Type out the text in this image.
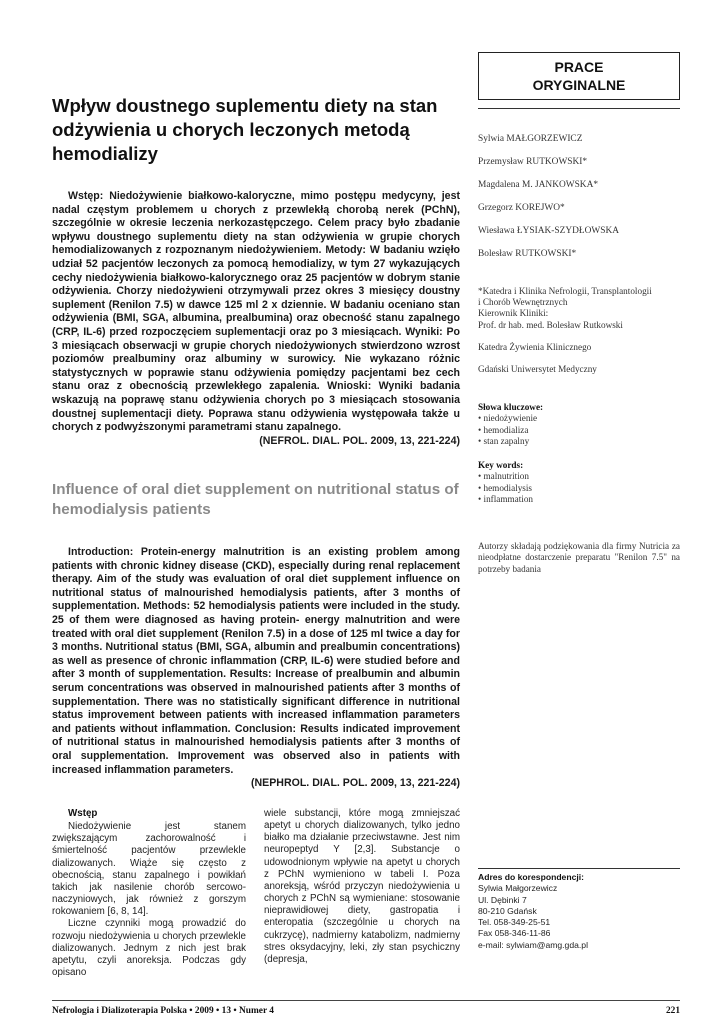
PRACE
ORYGINALNE
Wpływ doustnego suplementu diety na stan odżywienia u chorych leczonych metodą hemodializy

Wstęp: Niedożywienie białkowo-kaloryczne, mimo postępu medycyny, jest nadal częstym problemem u chorych z przewlekłą chorobą nerek (PChN), szczególnie w okresie leczenia nerkozastępczego. Celem pracy było zbadanie wpływu doustnego suplementu diety na stan odżywienia w grupie chorych hemodializowanych z rozpoznanym niedożywieniem. Metody: W badaniu wzięło udział 52 pacjentów leczonych za pomocą hemodializy, w tym 27 wykazujących cechy niedożywienia białkowo-kalorycznego oraz 25 pacjentów w dobrym stanie odżywienia. Chorzy niedożywieni otrzymywali przez okres 3 miesięcy doustny suplement (Renilon 7.5) w dawce 125 ml 2 x dziennie. W badaniu oceniano stan odżywienia (BMI, SGA, albumina, prealbumina) oraz obecność stanu zapalnego (CRP, IL-6) przed rozpoczęciem suplementacji oraz po 3 miesiącach. Wyniki: Po 3 miesiącach obserwacji w grupie chorych niedożywionych stwierdzono wzrost poziomów prealbuminy oraz albuminy w surowicy. Nie wykazano różnic statystycznych w poprawie stanu odżywienia pomiędzy pacjentami bez cech stanu oraz z obecnością przewlekłego zapalenia. Wnioski: Wyniki badania wskazują na poprawę stanu odżywienia chorych po 3 miesiącach stosowania doustnej suplementacji diety. Poprawa stanu odżywienia występowała także u chorych z podwyższonymi parametrami stanu zapalnego.

(NEFROL. DIAL. POL. 2009, 13, 221-224)
Influence of oral diet supplement on nutritional status of hemodialysis patients

Introduction: Protein-energy malnutrition is an existing problem among patients with chronic kidney disease (CKD), especially during renal replacement therapy. Aim of the study was evaluation of oral diet supplement influence on nutritional status of malnourished hemodialysis patients, after 3 months of supplementation. Methods: 52 hemodialysis patients were included in the study. 25 of them were diagnosed as having protein- energy malnutrition and were treated with oral diet supplement (Renilon 7.5) in a dose of 125 ml twice a day for 3 months. Nutritional status (BMI, SGA, albumin and prealbumin concentrations) as well as presence of chronic inflammation (CRP, IL-6) were studied before and after 3 month of supplementation. Results: Increase of prealbumin and albumin serum concentrations was observed in malnourished patients after 3 months of supplementation. There was no statistically significant difference in nutritional status improvement between patients with increased inflammation parameters and patients without inflammation. Conclusion: Results indicated improvement of nutritional status in malnourished hemodialysis patients after 3 months of oral supplementation. Improvement was observed also in patients with increased inflammation parameters.

(NEPHROL. DIAL. POL. 2009, 13, 221-224)
Sylwia MAŁGORZEWICZ
Przemysław RUTKOWSKI*
Magdalena M. JANKOWSKA*
Grzegorz KOREJWO*
Wiesława ŁYSIAK-SZYDŁOWSKA
Bolesław RUTKOWSKI*
*Katedra i Klinika Nefrologii, Transplantologii
i Chorób Wewnętrznych
Kierownik Kliniki:
Prof. dr hab. med. Bolesław Rutkowski
Katedra Żywienia Klinicznego
Gdański Uniwersytet Medyczny
Słowa kluczowe:
• niedożywienie
• hemodializa
• stan zapalny
Key words:
• malnutrition
• hemodialysis
• inflammation
Autorzy składają podziękowania dla firmy Nutricia za nieodpłatne dostarczenie preparatu "Renilon 7.5" na potrzeby badania
Wstęp

Niedożywienie jest stanem zwiększającym zachorowalność i śmiertelność pacjentów przewlekle dializowanych. Wiąże się często z obecnością, stanu zapalnego i powikłań takich jak nasilenie chorób sercowo-naczyniowych, jak również z gorszym rokowaniem [6, 8, 14].

Liczne czynniki mogą prowadzić do rozwoju niedożywienia u chorych przewlekle dializowanych. Jednym z nich jest brak apetytu, czyli anoreksja. Podczas gdy opisano

wiele substancji, które mogą zmniejszać apetyt u chorych dializowanych, tylko jedno białko ma działanie przeciwstawne. Jest nim neuropeptyd Y [2,3]. Substancje o udowodnionym wpływie na apetyt u chorych z PChN wymieniono w tabeli I. Poza anoreksją, wśród przyczyn niedożywienia u chorych z PChN są wymieniane: stosowanie nieprawidłowej diety, gastropatia i enteropatia (szczególnie u chorych na cukrzycę), nadmierny katabolizm, nadmierny stres oksydacyjny, leki, zły stan psychiczny (depresja,

Adres do korespondencji:
Sylwia Małgorzewicz
Ul. Dębinki 7
80-210 Gdańsk
Tel. 058-349-25-51
Fax 058-346-11-86
e-mail: sylwiam@amg.gda.pl
Nefrologia i Dializoterapia Polska • 2009 • 13 • Numer 4	221
